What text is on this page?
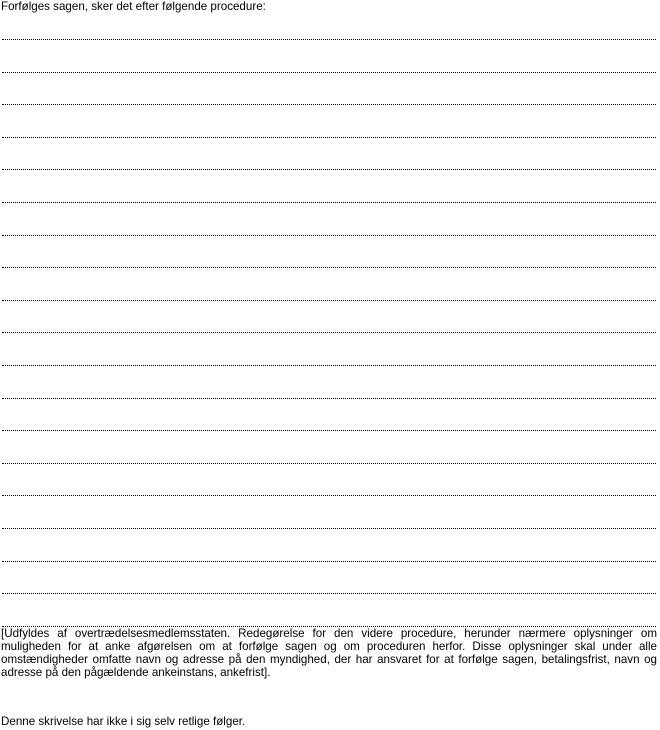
Forfølges sagen, sker det efter følgende procedure:
[Udfyldes af overtrædelsesmedlemsstaten. Redegørelse for den videre procedure, herunder nærmere oplysninger om muligheden for at anke afgørelsen om at forfølge sagen og om proceduren herfor. Disse oplysninger skal under alle omstændigheder omfatte navn og adresse på den myndighed, der har ansvaret for at forfølge sagen, betalingsfrist, navn og adresse på den pågældende ankeinstans, ankefrist].
Denne skrivelse har ikke i sig selv retlige følger.
